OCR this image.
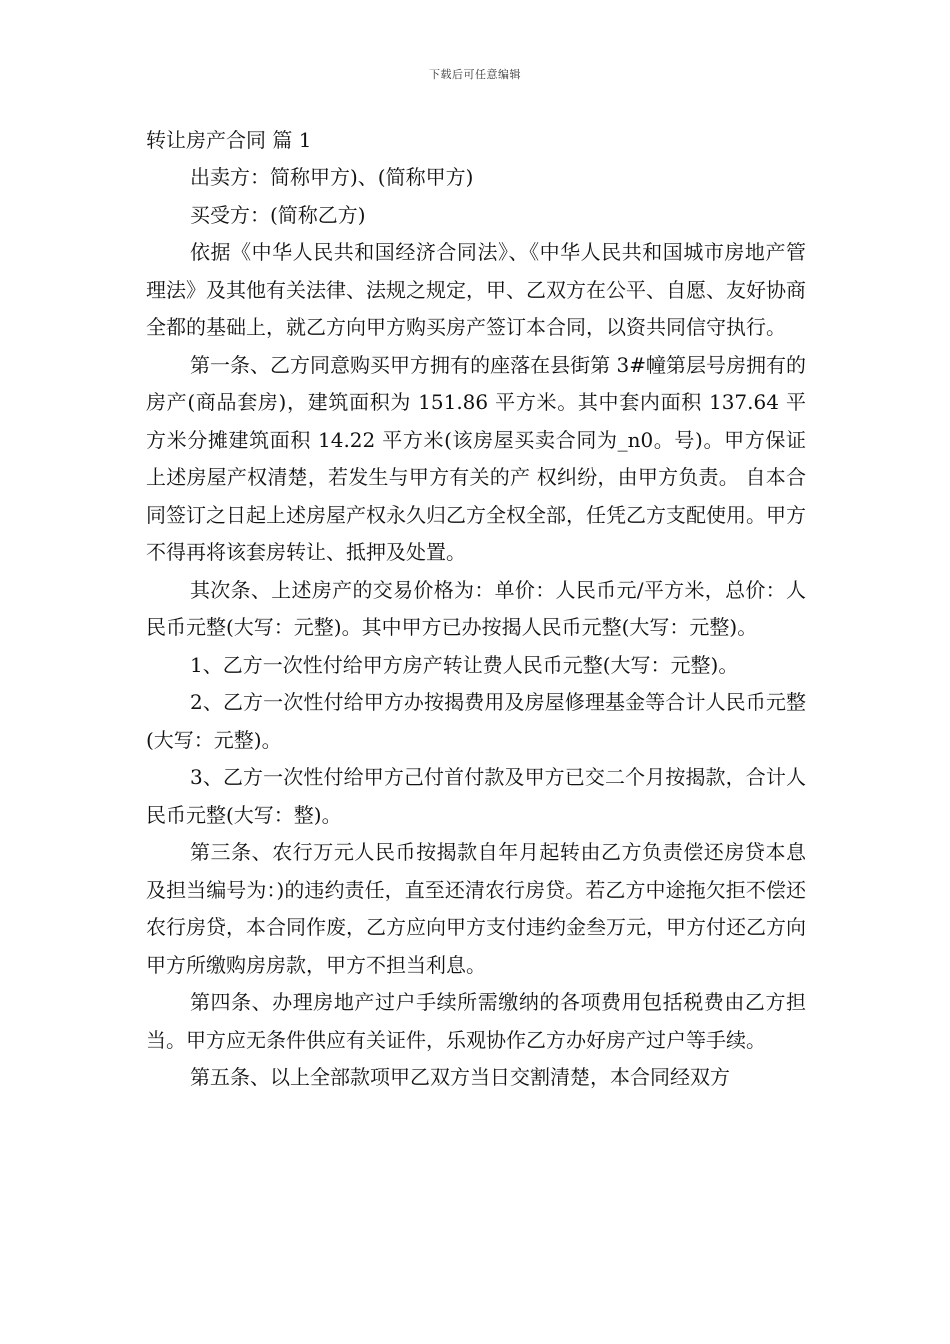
下载后可任意编辑

转让房产合同 篇 1

出卖方：简称甲方)、(简称甲方)

买受方：(简称乙方)

依据《中华人民共和国经济合同法》、《中华人民共和国城市房地产管理法》及其他有关法律、法规之规定，甲、乙双方在公平、自愿、友好协商全都的基础上，就乙方向甲方购买房产签订本合同，以资共同信守执行。

第一条、乙方同意购买甲方拥有的座落在县街第 3#幢第层号房拥有的房产(商品套房)，建筑面积为 151.86 平方米。其中套内面积 137.64 平方米分摊建筑面积 14.22 平方米(该房屋买卖合同为_n0。号)。甲方保证上述房屋产权清楚，若发生与甲方有关的产 权纠纷，由甲方负责。 自本合同签订之日起上述房屋产权永久归乙方全权全部，任凭乙方支配使用。甲方不得再将该套房转让、抵押及处置。

其次条、上述房产的交易价格为：单价：人民币元/平方米，总价：人民币元整(大写：元整)。其中甲方已办按揭人民币元整(大写：元整)。

1、乙方一次性付给甲方房产转让费人民币元整(大写：元整)。

2、乙方一次性付给甲方办按揭费用及房屋修理基金等合计人民币元整(大写：元整)。

3、乙方一次性付给甲方己付首付款及甲方已交二个月按揭款，合计人民币元整(大写：整)。

第三条、农行万元人民币按揭款自年月起转由乙方负责偿还房贷本息及担当编号为：)的违约责任，直至还清农行房贷。若乙方中途拖欠拒不偿还农行房贷，本合同作废，乙方应向甲方支付违约金叁万元，甲方付还乙方向甲方所缴购房房款，甲方不担当利息。

第四条、办理房地产过户手续所需缴纳的各项费用包括税费由乙方担当。甲方应无条件供应有关证件，乐观协作乙方办好房产过户等手续。

第五条、以上全部款项甲乙双方当日交割清楚，本合同经双方
